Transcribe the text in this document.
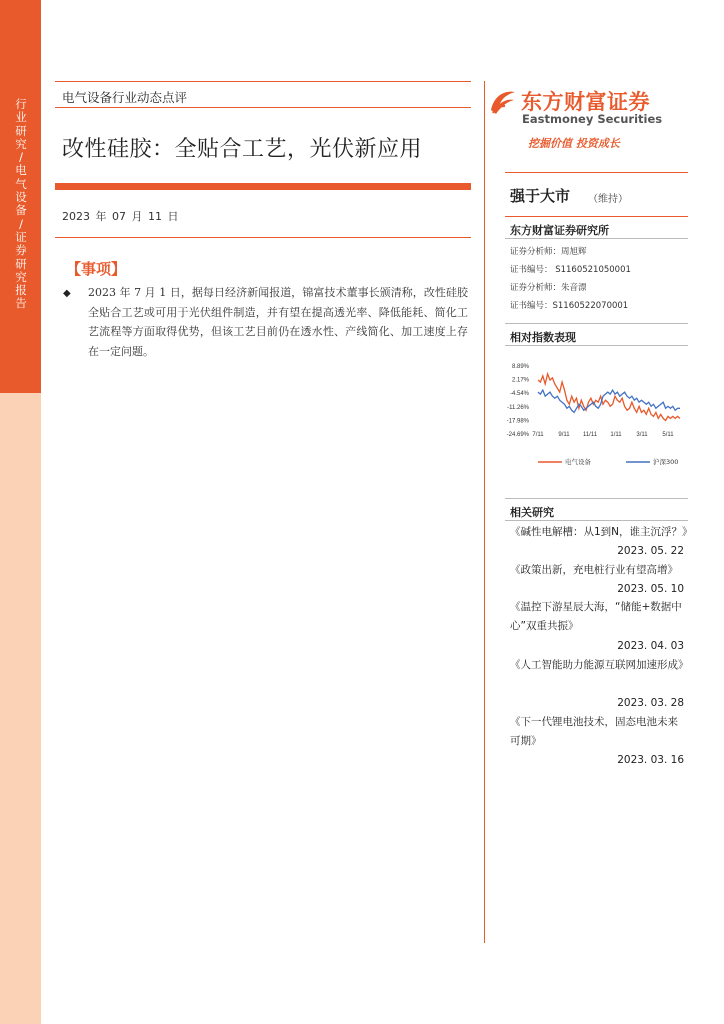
行业研究 / 电气设备 / 证券研究报告
电气设备行业动态点评
改性硅胶：全贴合工艺，光伏新应用
2023 年 07 月 11 日
【事项】
◆ 2023 年 7 月 1 日，据每日经济新闻报道，锦富技术董事长颁清称，改性硅胶全贴合工艺或可用于光伏组件制造，并有望在提高透光率、降低能耗、简化工艺流程等方面取得优势，但该工艺目前仍在透水性、产线简化、加工速度上存在一定问题。
东方财富证券
Eastmoney Securities
挖掘价值 投资成长
强于大市 （维持）
东方财富证券研究所
证券分析师：周旭辉
证书编号： S1160521050001
证券分析师：朱音漂
证书编号：S1160522070001
相对指数表现
8.89%
2.17%
-4.54%
-11.26%
-17.98%
-24.69% 7/11 9/11 11/11 1/11 3/11 5/11
电气设备	沪深300
相关研究
《碱性电解槽：从1到N，谁主沉浮？》
2023. 05. 22
《政策出新，充电桩行业有望高增》
2023. 05. 10
《温控下游星辰大海，“储能+数据中心”双重共振》
2023. 04. 03
《人工智能助力能源互联网加速形成》
2023. 03. 28
《下一代锂电池技术，固态电池未来可期》
2023. 03. 16
